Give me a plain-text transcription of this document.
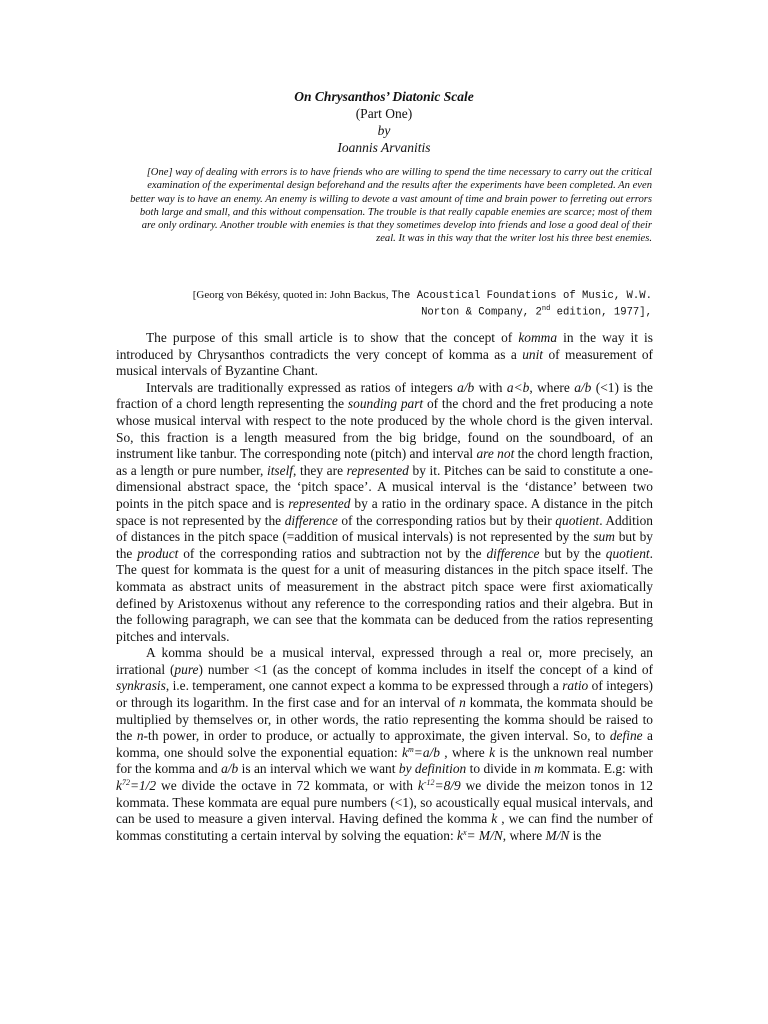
On Chrysanthos’ Diatonic Scale
(Part One)
by
Ioannis Arvanitis
[One] way of dealing with errors is to have friends who are willing to spend the time necessary to carry out the critical examination of the experimental design beforehand and the results after the experiments have been completed. An even better way is to have an enemy. An enemy is willing to devote a vast amount of time and brain power to ferreting out errors both large and small, and this without compensation. The trouble is that really capable enemies are scarce; most of them are only ordinary. Another trouble with enemies is that they sometimes develop into friends and lose a good deal of their zeal. It was in this way that the writer lost his three best enemies.
[Georg von Békésy, quoted in: John Backus, The Acoustical Foundations of Music, W.W. Norton & Company, 2nd edition, 1977],

The purpose of this small article is to show that the concept of komma in the way it is introduced by Chrysanthos contradicts the very concept of komma as a unit of measurement of musical intervals of Byzantine Chant.

Intervals are traditionally expressed as ratios of integers a/b with a<b, where a/b (<1) is the fraction of a chord length representing the sounding part of the chord and the fret producing a note whose musical interval with respect to the note produced by the whole chord is the given interval. So, this fraction is a length measured from the big bridge, found on the soundboard, of an instrument like tanbur. The corresponding note (pitch) and interval are not the chord length fraction, as a length or pure number, itself, they are represented by it. Pitches can be said to constitute a one-dimensional abstract space, the ‘pitch space’. A musical interval is the ‘distance’ between two points in the pitch space and is represented by a ratio in the ordinary space. A distance in the pitch space is not represented by the difference of the corresponding ratios but by their quotient. Addition of distances in the pitch space (=addition of musical intervals) is not represented by the sum but by the product of the corresponding ratios and subtraction not by the difference but by the quotient. The quest for kommata is the quest for a unit of measuring distances in the pitch space itself. The kommata as abstract units of measurement in the abstract pitch space were first axiomatically defined by Aristoxenus without any reference to the corresponding ratios and their algebra. But in the following paragraph, we can see that the kommata can be deduced from the ratios representing pitches and intervals.

A komma should be a musical interval, expressed through a real or, more precisely, an irrational (pure) number <1 (as the concept of komma includes in itself the concept of a kind of synkrasis, i.e. temperament, one cannot expect a komma to be expressed through a ratio of integers) or through its logarithm. In the first case and for an interval of n kommata, the kommata should be multiplied by themselves or, in other words, the ratio representing the komma should be raised to the n-th power, in order to produce, or actually to approximate, the given interval. So, to define a komma, one should solve the exponential equation: $k^m=a/b$ , where k is the unknown real number for the komma and a/b is an interval which we want by definition to divide in m kommata. E.g: with $k^{72}=1/2$ we divide the octave in 72 kommata, or with $k^{-12}=8/9$ we divide the meizon tonos in 12 kommata. These kommata are equal pure numbers (<1), so acoustically equal musical intervals, and can be used to measure a given interval. Having defined the komma k , we can find the number of kommas constituting a certain interval by solving the equation: $k^x= M/N$, where M/N is the
